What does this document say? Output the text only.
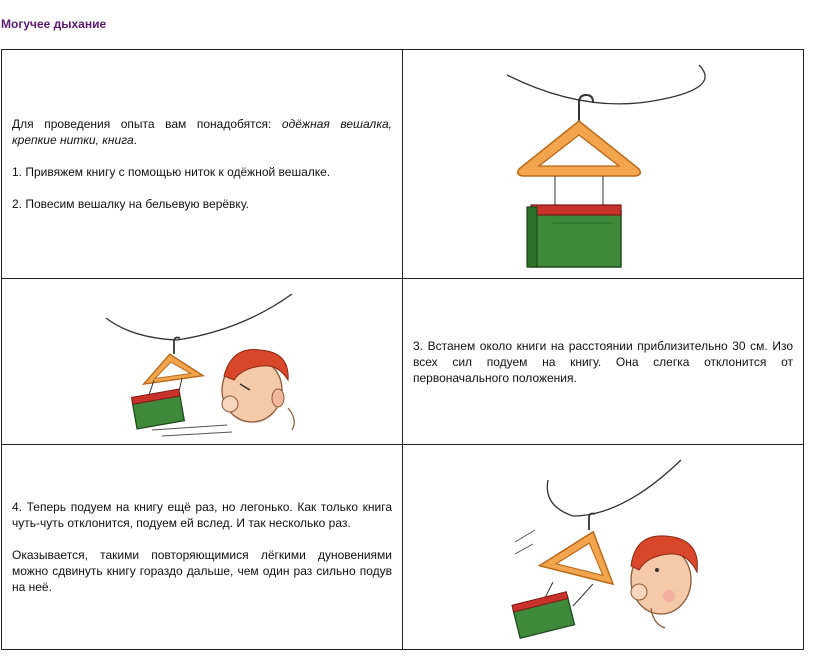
Могучее дыхание

Для проведения опыта вам понадобятся: одёжная вешалка, крепкие нитки, книга.

1. Привяжем книгу с помощью ниток к одёжной вешалке.

2. Повесим вешалку на бельевую верёвку.

3. Встанем около книги на расстоянии приблизительно 30 см. Изо всех сил подуем на книгу. Она слегка отклонится от первоначального положения.

4. Теперь подуем на книгу ещё раз, но легонько. Как только книга чуть-чуть отклонится, подуем ей вслед. И так несколько раз.

Оказывается, такими повторяющимися лёгкими дуновениями можно сдвинуть книгу гораздо дальше, чем один раз сильно подув на неё.
